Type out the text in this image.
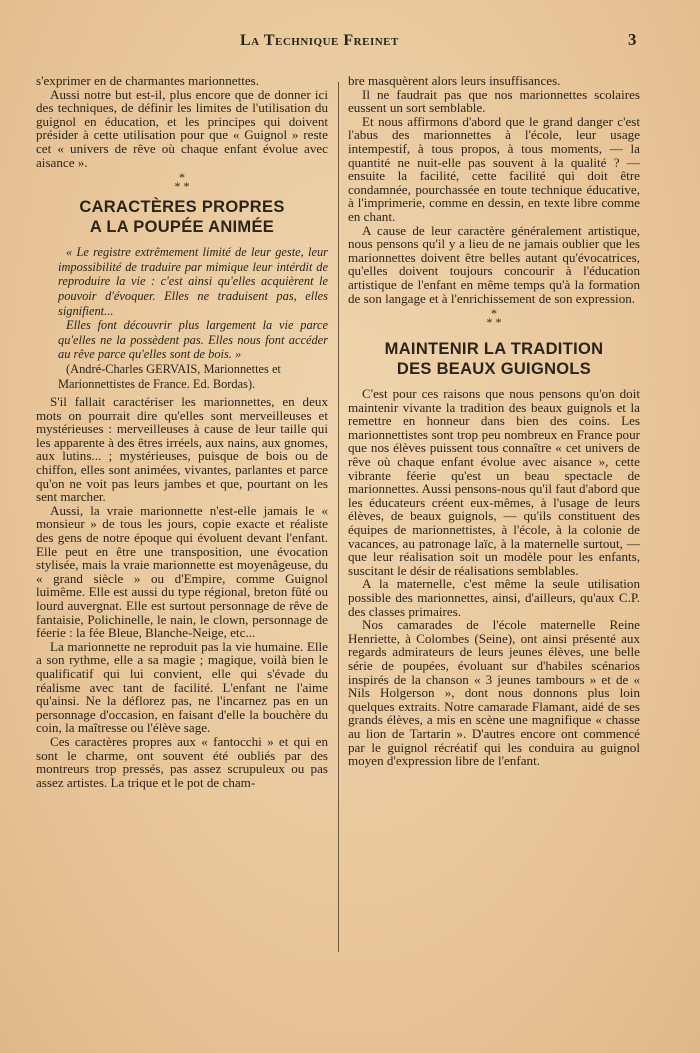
La Technique Freinet	3

s'exprimer en de charmantes marionnettes.

Aussi notre but est-il, plus encore que de donner ici des techniques, de définir les limites de l'utilisation du guignol en éducation, et les principes qui doivent présider à cette utilisation pour que « Guignol » reste cet « univers de rêve où chaque enfant évolue avec aisance ».

*
* *
CARACTÈRES PROPRES
A LA POUPÉE ANIMÉE

« Le registre extrêmement limité de leur geste, leur impossibilité de traduire par mimique leur intérdit de reproduire la vie : c'est ainsi qu'elles acquièrent le pouvoir d'évoquer. Elles ne traduisent pas, elles signifient...

Elles font découvrir plus largement la vie parce qu'elles ne la possèdent pas. Elles nous font accéder au rêve parce qu'elles sont de bois. »

(André-Charles GERVAIS, Marionnettes et Marionnettistes de France. Ed. Bordas).

S'il fallait caractériser les marionnettes, en deux mots on pourrait dire qu'elles sont merveilleuses et mystérieuses : merveilleuses à cause de leur taille qui les apparente à des êtres irréels, aux nains, aux gnomes, aux lutins... ; mystérieuses, puisque de bois ou de chiffon, elles sont animées, vivantes, parlantes et parce qu'on ne voit pas leurs jambes et que, pourtant on les sent marcher.

Aussi, la vraie marionnette n'est-elle jamais le « monsieur » de tous les jours, copie exacte et réaliste des gens de notre époque qui évoluent devant l'enfant. Elle peut en être une transposition, une évocation stylisée, mais la vraie marionnette est moyenâgeuse, du « grand siècle » ou d'Empire, comme Guignol luimême. Elle est aussi du type régional, breton fûté ou lourd auvergnat. Elle est surtout personnage de rêve de fantaisie, Polichinelle, le nain, le clown, personnage de féerie : la fée Bleue, Blanche-Neige, etc...

La marionnette ne reproduit pas la vie humaine. Elle a son rythme, elle a sa magie ; magique, voilà bien le qualificatif qui lui convient, elle qui s'évade du réalisme avec tant de facilité. L'enfant ne l'aime qu'ainsi. Ne la déflorez pas, ne l'incarnez pas en un personnage d'occasion, en faisant d'elle la bouchère du coin, la maîtresse ou l'élève sage.

Ces caractères propres aux « fantocchi » et qui en sont le charme, ont souvent été oubliés par des montreurs trop pressés, pas assez scrupuleux ou pas assez artistes. La trique et le pot de cham-

bre masquèrent alors leurs insuffisances.

Il ne faudrait pas que nos marionnettes scolaires eussent un sort semblable.

Et nous affirmons d'abord que le grand danger c'est l'abus des marionnettes à l'école, leur usage intempestif, à tous propos, à tous moments, — la quantité ne nuit-elle pas souvent à la qualité ? — ensuite la facilité, cette facilité qui doit être condamnée, pourchassée en toute technique éducative, à l'imprimerie, comme en dessin, en texte libre comme en chant.

A cause de leur caractère généralement artistique, nous pensons qu'il y a lieu de ne jamais oublier que les marionnettes doivent être belles autant qu'évocatrices, qu'elles doivent toujours concourir à l'éducation artistique de l'enfant en même temps qu'à la formation de son langage et à l'enrichissement de son expression.

*
* *
MAINTENIR LA TRADITION
DES BEAUX GUIGNOLS

C'est pour ces raisons que nous pensons qu'on doit maintenir vivante la tradition des beaux guignols et la remettre en honneur dans bien des coins. Les marionnettistes sont trop peu nombreux en France pour que nos élèves puissent tous connaître « cet univers de rêve où chaque enfant évolue avec aisance », cette vibrante féerie qu'est un beau spectacle de marionnettes. Aussi pensons-nous qu'il faut d'abord que les éducateurs créent eux-mêmes, à l'usage de leurs élèves, de beaux guignols, — qu'ils constituent des équipes de marionnettistes, à l'école, à la colonie de vacances, au patronage laïc, à la maternelle surtout, — que leur réalisation soit un modèle pour les enfants, suscitant le désir de réalisations semblables.

A la maternelle, c'est même la seule utilisation possible des marionnettes, ainsi, d'ailleurs, qu'aux C.P. des classes primaires.

Nos camarades de l'école maternelle Reine Henriette, à Colombes (Seine), ont ainsi présenté aux regards admirateurs de leurs jeunes élèves, une belle série de poupées, évoluant sur d'habiles scénarios inspirés de la chanson « 3 jeunes tambours » et de « Nils Holgerson », dont nous donnons plus loin quelques extraits. Notre camarade Flamant, aidé de ses grands élèves, a mis en scène une magnifique « chasse au lion de Tartarin ». D'autres encore ont commencé par le guignol récréatif qui les conduira au guignol moyen d'expression libre de l'enfant.
